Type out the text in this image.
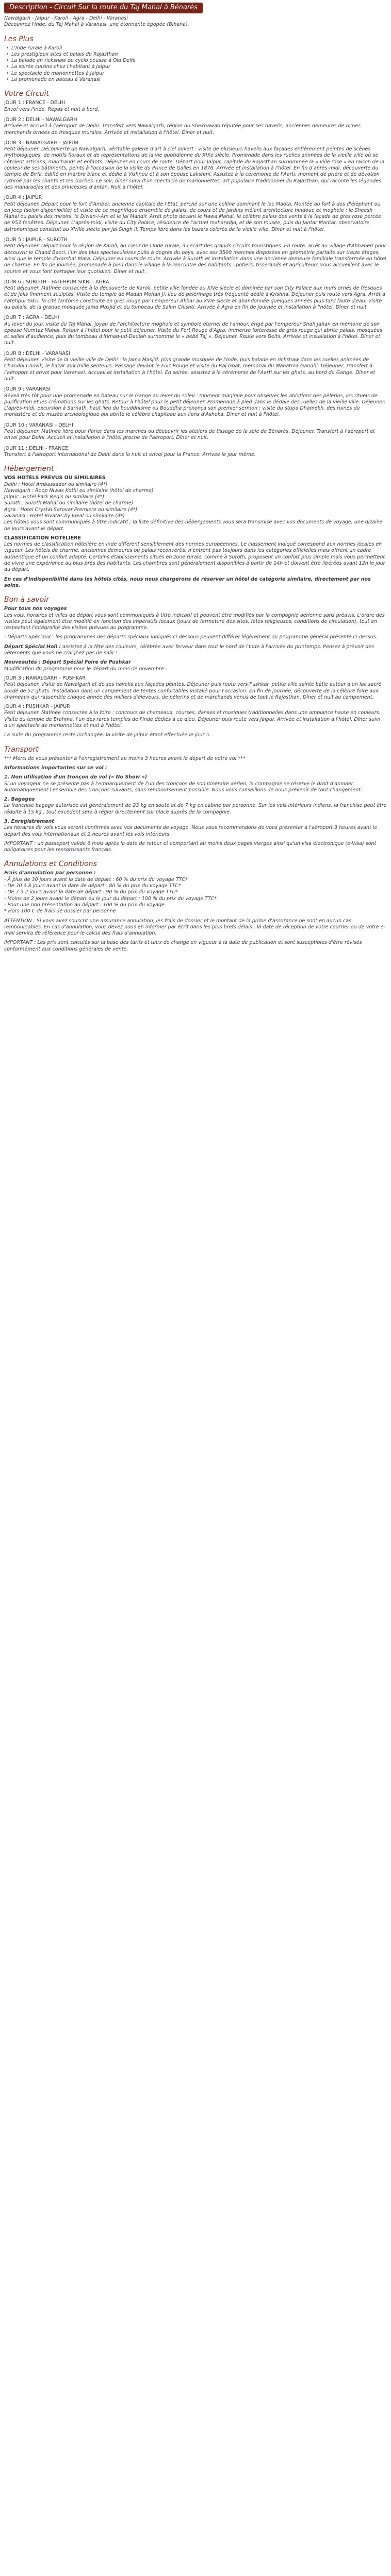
Description - Circuit Sur la route du Taj Mahal à Bénarès

Nawalgarh - Jaipur - Karoli - Agra - Delhi - Varanasi

Découvrez l'Inde, du Taj Mahal à Varanasi, une étonnante épopée (Bihana).

Les Plus
• L'Inde rurale à Karoli
• Les prestigieux sites et palais du Rajasthan
• La balade en rickshaw ou cyclo pousse à Old Delhi
• La soirée cuisine chez l'habitant à Jaipur
• Le spectacle de marionnettes à Jaipur
• La promenade en bateau à Varanasi
Votre Circuit
JOUR 1 : FRANCE - DELHI

Envol vers l'Inde. Repas et nuit à bord.

JOUR 2 : DELHI - NAWALGARH

Arrivée et accueil à l'aéroport de Delhi. Transfert vers Nawalgarh, région du Shekhawati réputée pour ses havelis, anciennes demeures de riches marchands ornées de fresques murales. Arrivée et installation à l'hôtel. Dîner et nuit.

JOUR 3 : NAWALGARH - JAIPUR

Petit déjeuner. Découverte de Nawalgarh, véritable galerie d'art à ciel ouvert : visite de plusieurs havelis aux façades entièrement peintes de scènes mythologiques, de motifs floraux et de représentations de la vie quotidienne du XIXe siècle. Promenade dans les ruelles animées de la vieille ville où se côtoient artisans, marchands et enfants. Déjeuner en cours de route. Départ pour Jaipur, capitale du Rajasthan surnommée la « ville rose » en raison de la couleur de ses bâtiments, peints à l'occasion de la visite du Prince de Galles en 1876. Arrivée et installation à l'hôtel. En fin d'après-midi, découverte du temple de Birla, édifié en marbre blanc et dédié à Vishnou et à son épouse Lakshmi. Assistez à la cérémonie de l'Aarti, moment de prière et de dévotion rythmé par les chants et les cloches. Le soir, dîner suivi d'un spectacle de marionnettes, art populaire traditionnel du Rajasthan, qui raconte les légendes des maharadjas et des princesses d'antan. Nuit à l'hôtel.

JOUR 4 : JAIPUR

Petit déjeuner. Départ pour le fort d'Amber, ancienne capitale de l'État, perché sur une colline dominant le lac Maota. Montée au fort à dos d'éléphant ou en jeep (selon disponibilité) et visite de ce magnifique ensemble de palais, de cours et de jardins mêlant architecture hindoue et moghole : le Sheesh Mahal ou palais des miroirs, le Diwan-i-Am et le Jai Mandir. Arrêt photo devant le Hawa Mahal, le célèbre palais des vents à la façade de grès rose percée de 953 fenêtres. Déjeuner. L'après-midi, visite du City Palace, résidence de l'actuel maharadja, et de son musée, puis du Jantar Mantar, observatoire astronomique construit au XVIIIe siècle par Jai Singh II. Temps libre dans les bazars colorés de la vieille ville. Dîner et nuit à l'hôtel.

JOUR 5 : JAIPUR - SUROTH

Petit déjeuner. Départ pour la région de Karoli, au cœur de l'Inde rurale, à l'écart des grands circuits touristiques. En route, arrêt au village d'Abhaneri pour découvrir le Chand Baori, l'un des plus spectaculaires puits à degrés du pays, avec ses 3500 marches disposées en géométrie parfaite sur treize étages, ainsi que le temple d'Harshat Mata. Déjeuner en cours de route. Arrivée à Suroth et installation dans une ancienne demeure familiale transformée en hôtel de charme. En fin de journée, promenade à pied dans le village à la rencontre des habitants : potiers, tisserands et agriculteurs vous accueillent avec le sourire et vous font partager leur quotidien. Dîner et nuit.

JOUR 6 : SUROTH - FATEHPUR SIKRI - AGRA

Petit déjeuner. Matinée consacrée à la découverte de Karoli, petite ville fondée au XIVe siècle et dominée par son City Palace aux murs ornés de fresques et de jalis finement sculptés. Visite du temple de Madan Mohan Ji, lieu de pèlerinage très fréquenté dédié à Krishna. Déjeuner puis route vers Agra. Arrêt à Fatehpur Sikri, la cité fantôme construite en grès rouge par l'empereur Akbar au XVIe siècle et abandonnée quelques années plus tard faute d'eau. Visite du palais, de la grande mosquée Jama Masjid et du tombeau de Salim Chishti. Arrivée à Agra en fin de journée et installation à l'hôtel. Dîner et nuit.

JOUR 7 : AGRA - DELHI

Au lever du jour, visite du Taj Mahal, joyau de l'architecture moghole et symbole éternel de l'amour, érigé par l'empereur Shah Jahan en mémoire de son épouse Mumtaz Mahal. Retour à l'hôtel pour le petit déjeuner. Visite du Fort Rouge d'Agra, immense forteresse de grès rouge qui abrite palais, mosquées et salles d'audience, puis du tombeau d'Itimad-ud-Daulah surnommé le « bébé Taj ». Déjeuner. Route vers Delhi. Arrivée et installation à l'hôtel. Dîner et nuit.

JOUR 8 : DELHI - VARANASI

Petit déjeuner. Visite de la vieille ville de Delhi : la Jama Masjid, plus grande mosquée de l'Inde, puis balade en rickshaw dans les ruelles animées de Chandni Chowk, le bazar aux mille senteurs. Passage devant le Fort Rouge et visite du Raj Ghat, mémorial du Mahatma Gandhi. Déjeuner. Transfert à l'aéroport et envol pour Varanasi. Accueil et installation à l'hôtel. En soirée, assistez à la cérémonie de l'Aarti sur les ghats, au bord du Gange. Dîner et nuit.

JOUR 9 : VARANASI

Réveil très tôt pour une promenade en bateau sur le Gange au lever du soleil : moment magique pour observer les ablutions des pèlerins, les rituels de purification et les crémations sur les ghats. Retour à l'hôtel pour le petit déjeuner. Promenade à pied dans le dédale des ruelles de la vieille ville. Déjeuner. L'après-midi, excursion à Sarnath, haut lieu du bouddhisme où Bouddha prononça son premier sermon : visite du stupa Dhamekh, des ruines du monastère et du musée archéologique qui abrite le célèbre chapiteau aux lions d'Ashoka. Dîner et nuit à l'hôtel.

JOUR 10 : VARANASI - DELHI

Petit déjeuner. Matinée libre pour flâner dans les marchés ou découvrir les ateliers de tissage de la soie de Bénarès. Déjeuner. Transfert à l'aéroport et envol pour Delhi. Accueil et installation à l'hôtel proche de l'aéroport. Dîner et nuit.

JOUR 11 : DELHI - FRANCE

Transfert à l'aéroport international de Delhi dans la nuit et envol pour la France. Arrivée le jour même.

Hébergement

VOS HOTELS PREVUS OU SIMILAIRES

Delhi : Hotel Ambassador ou similaire (4*)

Nawalgarh : Roop Niwas Kothi ou similaire (hôtel de charme)

Jaipur : Hotel Park Regis ou similaire (4*)

Suroth : Suroth Mahal ou similaire (hôtel de charme)

Agra : Hotel Crystal Sarovar Premiere ou similaire (4*)

Varanasi : Hotel Rivatas by Ideal ou similaire (4*)

Les hôtels vous sont communiqués à titre indicatif ; la liste définitive des hébergements vous sera transmise avec vos documents de voyage, une dizaine de jours avant le départ.

CLASSIFICATION HOTELIERE

Les normes de classification hôtelière en Inde diffèrent sensiblement des normes européennes. Le classement indiqué correspond aux normes locales en vigueur. Les hôtels de charme, anciennes demeures ou palais reconvertis, n'entrent pas toujours dans les catégories officielles mais offrent un cadre authentique et un confort adapté. Certains établissements situés en zone rurale, comme à Suroth, proposent un confort plus simple mais vous permettent de vivre une expérience au plus près des habitants. Les chambres sont généralement disponibles à partir de 14h et doivent être libérées avant 12h le jour du départ.

En cas d'indisponibilité dans les hôtels cités, nous nous chargerons de réserver un hôtel de catégorie similaire, directement par nos soins.

Bon à savoir

Pour tous nos voyages

Les vols, horaires et villes de départ vous sont communiqués à titre indicatif et peuvent être modifiés par la compagnie aérienne sans préavis. L'ordre des visites peut également être modifié en fonction des impératifs locaux (jours de fermeture des sites, fêtes religieuses, conditions de circulation), tout en respectant l'intégralité des visites prévues au programme.

- Départs Spéciaux : les programmes des départs spéciaux indiqués ci-dessous peuvent différer légèrement du programme général présenté ci-dessus.

Départ Spécial Holi : assistez à la fête des couleurs, célébrée avec ferveur dans tout le nord de l'Inde à l'arrivée du printemps. Pensez à prévoir des vêtements que vous ne craignez pas de salir !

Nouveautés : Départ Spécial Foire de Pushkar

Modification du programme pour le départ du mois de novembre :

JOUR 3 : NAWALGARH - PUSHKAR

Petit déjeuner. Visite de Nawalgarh et de ses havelis aux façades peintes. Déjeuner puis route vers Pushkar, petite ville sainte bâtie autour d'un lac sacré bordé de 52 ghats. Installation dans un campement de tentes confortables installé pour l'occasion. En fin de journée, découverte de la célèbre foire aux chameaux qui rassemble chaque année des milliers d'éleveurs, de pèlerins et de marchands venus de tout le Rajasthan. Dîner et nuit au campement.

JOUR 4 : PUSHKAR - JAIPUR

Petit déjeuner. Matinée consacrée à la foire : concours de chameaux, courses, danses et musiques traditionnelles dans une ambiance haute en couleurs. Visite du temple de Brahma, l'un des rares temples de l'Inde dédiés à ce dieu. Déjeuner puis route vers Jaipur. Arrivée et installation à l'hôtel. Dîner suivi d'un spectacle de marionnettes et nuit à l'hôtel.

La suite du programme reste inchangée, la visite de Jaipur étant effectuée le jour 5.

Transport

*** Merci de vous présenter à l'enregistrement au moins 3 heures avant le départ de votre vol ***

Informations importantes sur ce vol :

1. Non utilisation d'un tronçon de vol (« No Show »)

Si un voyageur ne se présente pas à l'embarquement de l'un des tronçons de son itinéraire aérien, la compagnie se réserve le droit d'annuler automatiquement l'ensemble des tronçons suivants, sans remboursement possible. Nous vous conseillons de nous prévenir de tout changement.

2. Bagages

La franchise bagage autorisée est généralement de 23 kg en soute et de 7 kg en cabine par personne. Sur les vols intérieurs indiens, la franchise peut être réduite à 15 kg : tout excédent sera à régler directement sur place auprès de la compagnie.

3. Enregistrement

Les horaires de vols vous seront confirmés avec vos documents de voyage. Nous vous recommandons de vous présenter à l'aéroport 3 heures avant le départ des vols internationaux et 2 heures avant les vols intérieurs.

IMPORTANT : un passeport valide 6 mois après la date de retour et comportant au moins deux pages vierges ainsi qu'un visa électronique (e-Visa) sont obligatoires pour les ressortissants français.

Annulations et Conditions

Frais d'annulation par personne :

- À plus de 30 jours avant la date de départ : 60 % du prix du voyage TTC*
- De 30 à 8 jours avant la date de départ : 80 % du prix du voyage TTC*
- De 7 à 2 jours avant la date de départ : 90 % du prix du voyage TTC*
- Moins de 2 jours avant le départ ou le jour du départ : 100 % du prix du voyage TTC*
- Pour une non présentation au départ : 100 % du prix du voyage

* Hors 100 € de frais de dossier par personne

ATTENTION : Si vous avez souscrit une assurance annulation, les frais de dossier et le montant de la prime d'assurance ne sont en aucun cas remboursables. En cas d'annulation, vous devez nous en informer par écrit dans les plus brefs délais ; la date de réception de votre courrier ou de votre e-mail servira de référence pour le calcul des frais d'annulation.

IMPORTANT : Les prix sont calculés sur la base des tarifs et taux de change en vigueur à la date de publication et sont susceptibles d'être révisés conformément aux conditions générales de vente.
